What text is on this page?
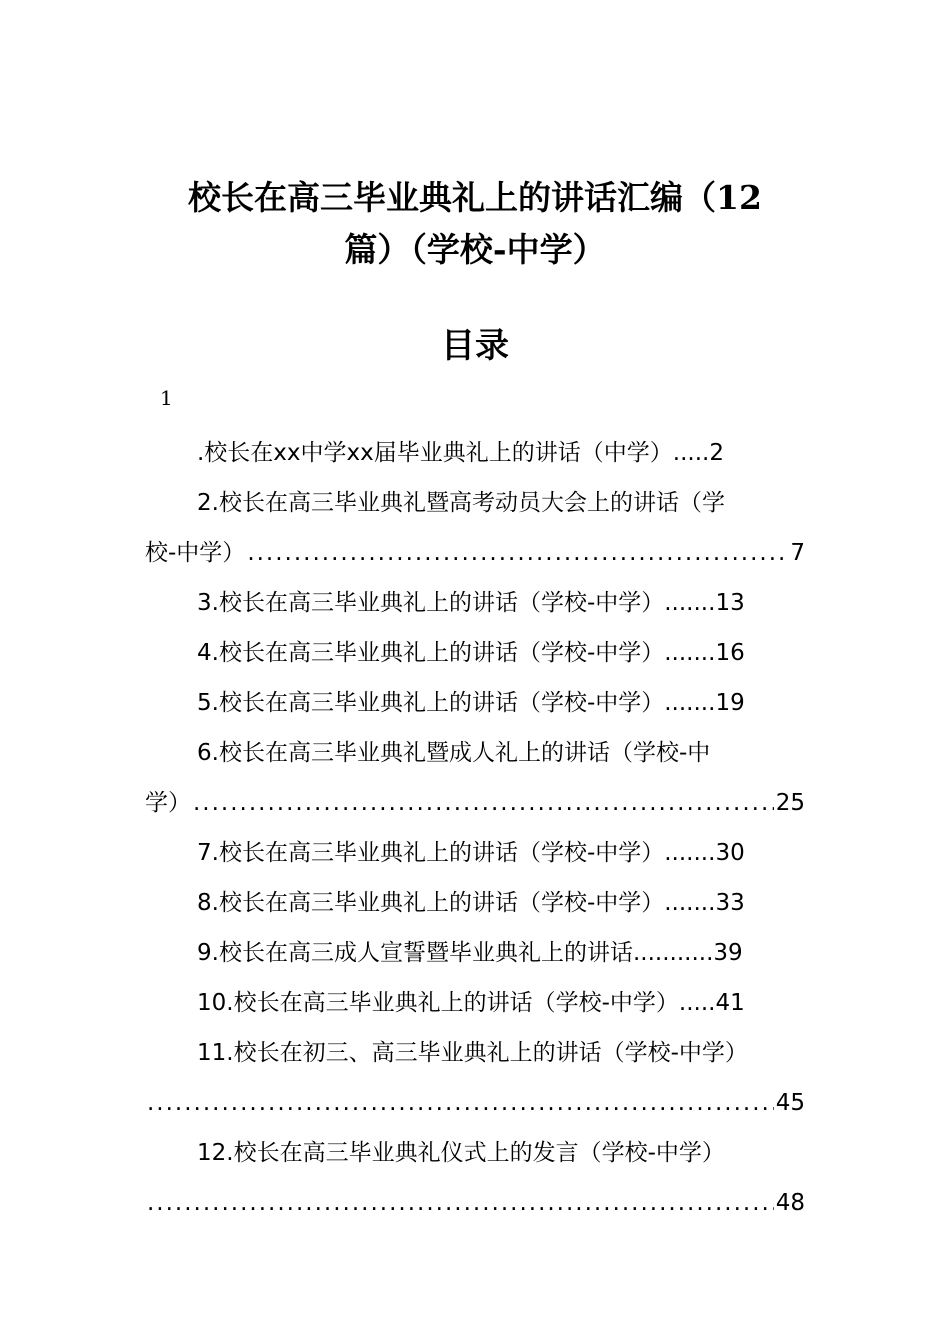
校长在高三毕业典礼上的讲话汇编（12
篇）（学校-中学）
目录
1
.校长在xx中学xx届毕业典礼上的讲话（中学） ..... 2
2.校长在高三毕业典礼暨高考动员大会上的讲话（学
校-中学） .....	7
3.校长在高三毕业典礼上的讲话（学校-中学） ....... 13
4.校长在高三毕业典礼上的讲话（学校-中学） ....... 16
5.校长在高三毕业典礼上的讲话（学校-中学） ....... 19
6.校长在高三毕业典礼暨成人礼上的讲话（学校-中
学） .....	25
7.校长在高三毕业典礼上的讲话（学校-中学） ....... 30
8.校长在高三毕业典礼上的讲话（学校-中学） ....... 33
9.校长在高三成人宣誓暨毕业典礼上的讲话 ........... 39
10.校长在高三毕业典礼上的讲话（学校-中学） ..... 41
11.校长在初三、高三毕业典礼上的讲话（学校-中学）
.....
45
12.校长在高三毕业典礼仪式上的发言（学校-中学）
.....
48
